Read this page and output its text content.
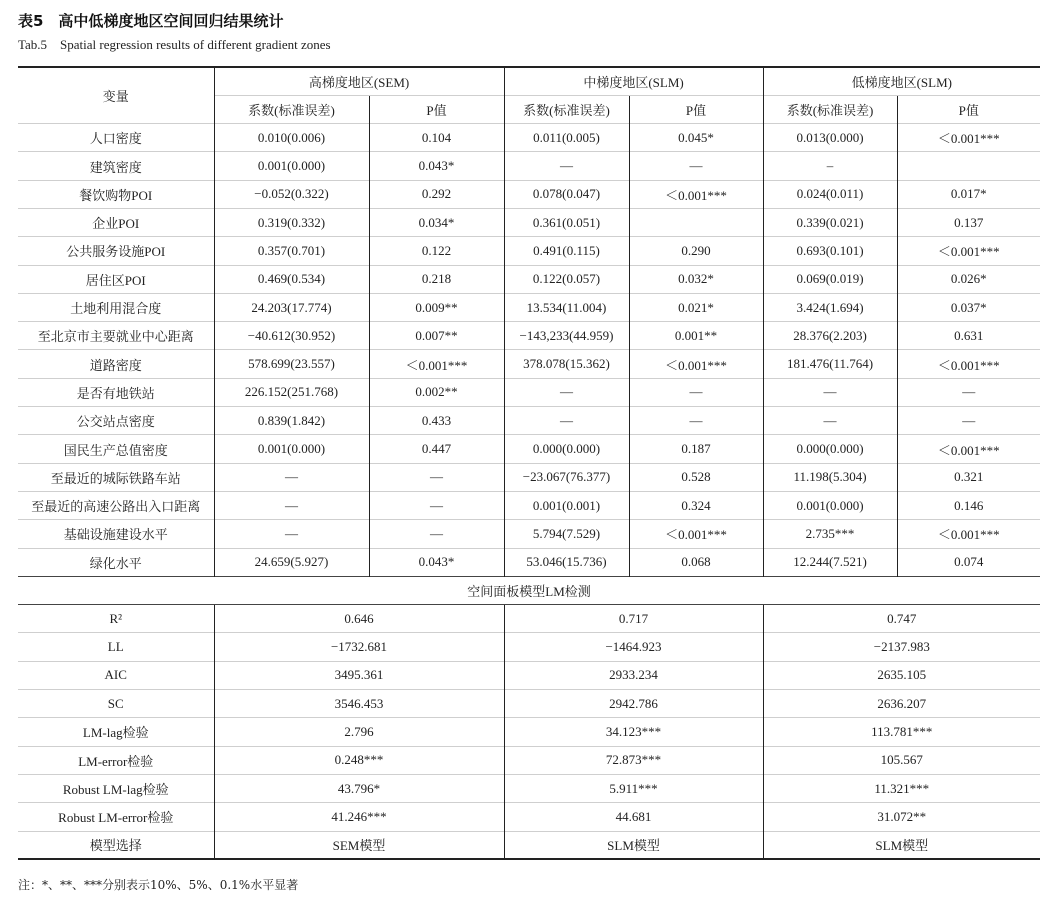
表5　高中低梯度地区空间回归结果统计
Tab.5　Spatial regression results of different gradient zones
变量	高梯度地区(SEM)		中梯度地区(SLM)		低梯度地区(SLM)	
	系数(标准误差)	P值	系数(标准误差)	P值	系数(标准误差)	P值
人口密度	0.010(0.006)	0.104	0.011(0.005)	0.045*	0.013(0.000)	＜0.001***
建筑密度	0.001(0.000)	0.043*	—	—	–	
餐饮购物POI	−0.052(0.322)	0.292	0.078(0.047)	＜0.001***	0.024(0.011)	0.017*
企业POI	0.319(0.332)	0.034*	0.361(0.051)		0.339(0.021)	0.137
公共服务设施POI	0.357(0.701)	0.122	0.491(0.115)	0.290	0.693(0.101)	＜0.001***
居住区POI	0.469(0.534)	0.218	0.122(0.057)	0.032*	0.069(0.019)	0.026*
土地利用混合度	24.203(17.774)	0.009**	13.534(11.004)	0.021*	3.424(1.694)	0.037*
至北京市主要就业中心距离	−40.612(30.952)	0.007**	−143,233(44.959)	0.001**	28.376(2.203)	0.631
道路密度	578.699(23.557)	＜0.001***	378.078(15.362)	＜0.001***	181.476(11.764)	＜0.001***
是否有地铁站	226.152(251.768)	0.002**	—	—	—	—
公交站点密度	0.839(1.842)	0.433	—	—	—	—
国民生产总值密度	0.001(0.000)	0.447	0.000(0.000)	0.187	0.000(0.000)	＜0.001***
至最近的城际铁路车站	—	—	−23.067(76.377)	0.528	11.198(5.304)	0.321
至最近的高速公路出入口距离	—	—	0.001(0.001)	0.324	0.001(0.000)	0.146
基础设施建设水平	—	—	5.794(7.529)	＜0.001***	2.735***	＜0.001***
绿化水平	24.659(5.927)	0.043*	53.046(15.736)	0.068	12.244(7.521)	0.074
空间面板模型LM检测						
R²	0.646		0.717		0.747	
LL	−1732.681		−1464.923		−2137.983	
AIC	3495.361		2933.234		2635.105	
SC	3546.453		2942.786		2636.207	
LM-lag检验	2.796		34.123***		113.781***	
LM-error检验	0.248***		72.873***		105.567	
Robust LM-lag检验	43.796*		5.911***		11.321***	
Robust LM-error检验	41.246***		44.681		31.072**	
模型选择	SEM模型		SLM模型		SLM模型	
注：*、**、***分别表示10%、5%、0.1%水平显著
